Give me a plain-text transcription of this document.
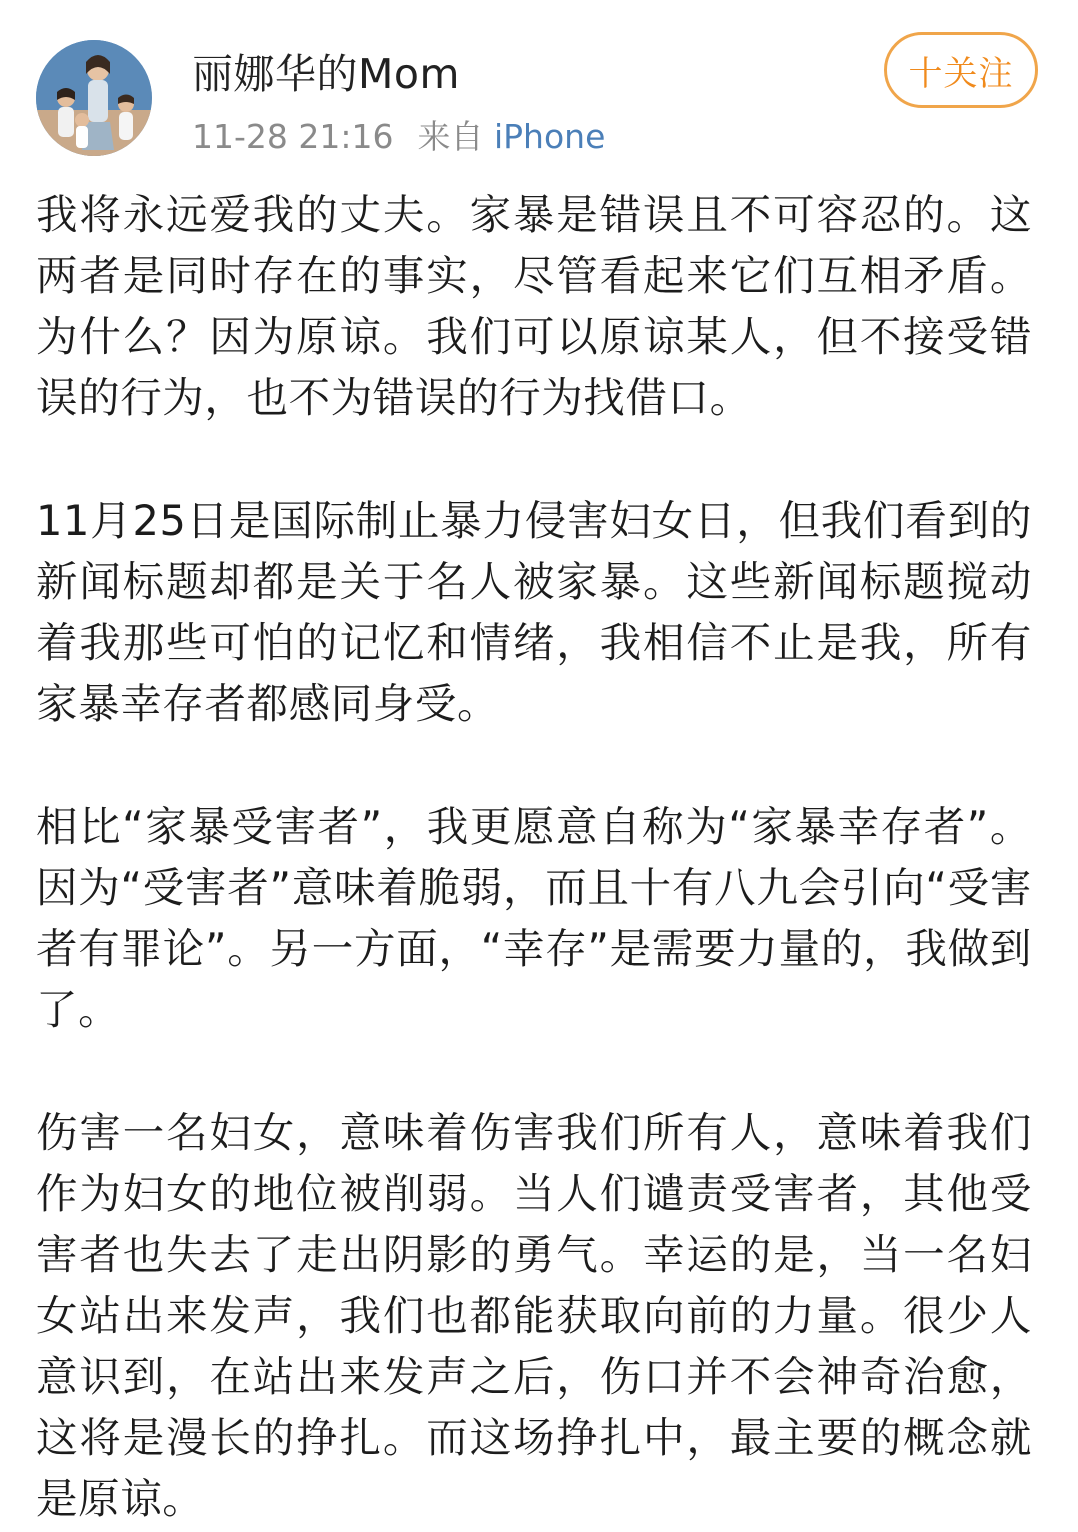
丽娜华的Mom
11-28 21:16 来自 iPhone
十关注

我将永远爱我的丈夫。家暴是错误且不可容忍的。这两者是同时存在的事实，尽管看起来它们互相矛盾。为什么？因为原谅。我们可以原谅某人，但不接受错误的行为，也不为错误的行为找借口。

11月25日是国际制止暴力侵害妇女日，但我们看到的新闻标题却都是关于名人被家暴。这些新闻标题搅动着我那些可怕的记忆和情绪，我相信不止是我，所有家暴幸存者都感同身受。

相比“家暴受害者”，我更愿意自称为“家暴幸存者”。因为“受害者”意味着脆弱，而且十有八九会引向“受害者有罪论”。另一方面，“幸存”是需要力量的，我做到了。

伤害一名妇女，意味着伤害我们所有人，意味着我们作为妇女的地位被削弱。当人们谴责受害者，其他受害者也失去了走出阴影的勇气。幸运的是，当一名妇女站出来发声，我们也都能获取向前的力量。很少人意识到，在站出来发声之后，伤口并不会神奇治愈，这将是漫长的挣扎。而这场挣扎中，最主要的概念就是原谅。
